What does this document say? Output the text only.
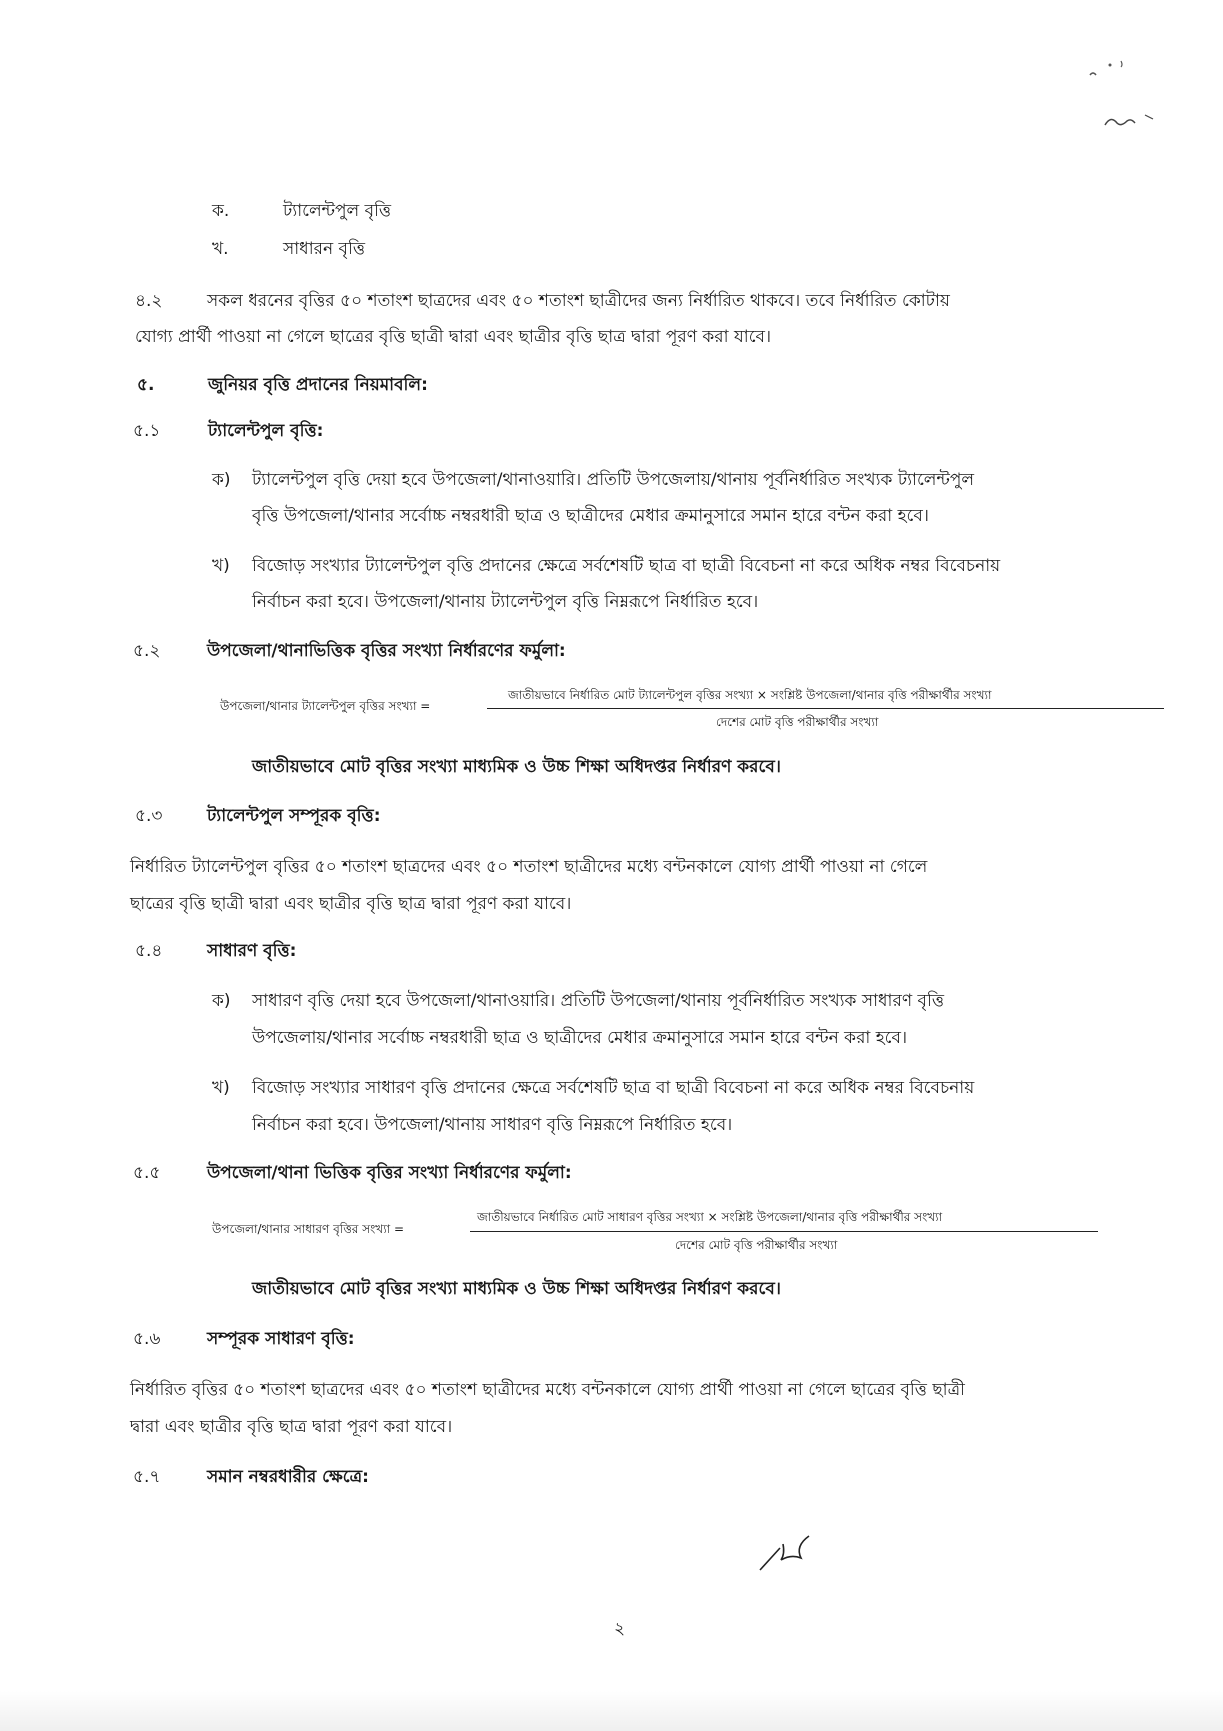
ক.	ট্যালেন্টপুল বৃত্তি
খ.	সাধারন বৃত্তি
৪.২	সকল ধরনের বৃত্তির ৫০ শতাংশ ছাত্রদের এবং ৫০ শতাংশ ছাত্রীদের জন্য নির্ধারিত থাকবে। তবে নির্ধারিত কোটায়
যোগ্য প্রার্থী পাওয়া না গেলে ছাত্রের বৃত্তি ছাত্রী দ্বারা এবং ছাত্রীর বৃত্তি ছাত্র দ্বারা পূরণ করা যাবে।
৫.	জুনিয়র বৃত্তি প্রদানের নিয়মাবলি:
৫.১	ট্যালেন্টপুল বৃত্তি:
ক) ট্যালেন্টপুল বৃত্তি দেয়া হবে উপজেলা/থানাওয়ারি। প্রতিটি উপজেলায়/থানায় পূর্বনির্ধারিত সংখ্যক ট্যালেন্টপুল
বৃত্তি উপজেলা/থানার সর্বোচ্চ নম্বরধারী ছাত্র ও ছাত্রীদের মেধার ক্রমানুসারে সমান হারে বন্টন করা হবে।
খ) বিজোড় সংখ্যার ট্যালেন্টপুল বৃত্তি প্রদানের ক্ষেত্রে সর্বশেষটি ছাত্র বা ছাত্রী বিবেচনা না করে অধিক নম্বর বিবেচনায়
নির্বাচন করা হবে। উপজেলা/থানায় ট্যালেন্টপুল বৃত্তি নিম্নরূপে নির্ধারিত হবে।
৫.২	উপজেলা/থানাভিত্তিক বৃত্তির সংখ্যা নির্ধারণের ফর্মুলা:
উপজেলা/থানার ট্যালেন্টপুল বৃত্তির সংখ্যা =
জাতীয়ভাবে নির্ধারিত মোট ট্যালেন্টপুল বৃত্তির সংখ্যা × সংশ্লিষ্ট উপজেলা/থানার বৃত্তি পরীক্ষার্থীর সংখ্যা
দেশের মোট বৃত্তি পরীক্ষার্থীর সংখ্যা
জাতীয়ভাবে মোট বৃত্তির সংখ্যা মাধ্যমিক ও উচ্চ শিক্ষা অধিদপ্তর নির্ধারণ করবে।
৫.৩	ট্যালেন্টপুল সম্পূরক বৃত্তি:
নির্ধারিত ট্যালেন্টপুল বৃত্তির ৫০ শতাংশ ছাত্রদের এবং ৫০ শতাংশ ছাত্রীদের মধ্যে বন্টনকালে যোগ্য প্রার্থী পাওয়া না গেলে
ছাত্রের বৃত্তি ছাত্রী দ্বারা এবং ছাত্রীর বৃত্তি ছাত্র দ্বারা পূরণ করা যাবে।
৫.৪	সাধারণ বৃত্তি:
ক) সাধারণ বৃত্তি দেয়া হবে উপজেলা/থানাওয়ারি। প্রতিটি উপজেলা/থানায় পূর্বনির্ধারিত সংখ্যক সাধারণ বৃত্তি
উপজেলায়/থানার সর্বোচ্চ নম্বরধারী ছাত্র ও ছাত্রীদের মেধার ক্রমানুসারে সমান হারে বন্টন করা হবে।
খ) বিজোড় সংখ্যার সাধারণ বৃত্তি প্রদানের ক্ষেত্রে সর্বশেষটি ছাত্র বা ছাত্রী বিবেচনা না করে অধিক নম্বর বিবেচনায়
নির্বাচন করা হবে। উপজেলা/থানায় সাধারণ বৃত্তি নিম্নরূপে নির্ধারিত হবে।
৫.৫	উপজেলা/থানা ভিত্তিক বৃত্তির সংখ্যা নির্ধারণের ফর্মুলা:
উপজেলা/থানার সাধারণ বৃত্তির সংখ্যা =
জাতীয়ভাবে নির্ধারিত মোট সাধারণ বৃত্তির সংখ্যা × সংশ্লিষ্ট উপজেলা/থানার বৃত্তি পরীক্ষার্থীর সংখ্যা
দেশের মোট বৃত্তি পরীক্ষার্থীর সংখ্যা
জাতীয়ভাবে মোট বৃত্তির সংখ্যা মাধ্যমিক ও উচ্চ শিক্ষা অধিদপ্তর নির্ধারণ করবে।
৫.৬	সম্পূরক সাধারণ বৃত্তি:
নির্ধারিত বৃত্তির ৫০ শতাংশ ছাত্রদের এবং ৫০ শতাংশ ছাত্রীদের মধ্যে বন্টনকালে যোগ্য প্রার্থী পাওয়া না গেলে ছাত্রের বৃত্তি ছাত্রী
দ্বারা এবং ছাত্রীর বৃত্তি ছাত্র দ্বারা পূরণ করা যাবে।
৫.৭	সমান নম্বরধারীর ক্ষেত্রে:
২
